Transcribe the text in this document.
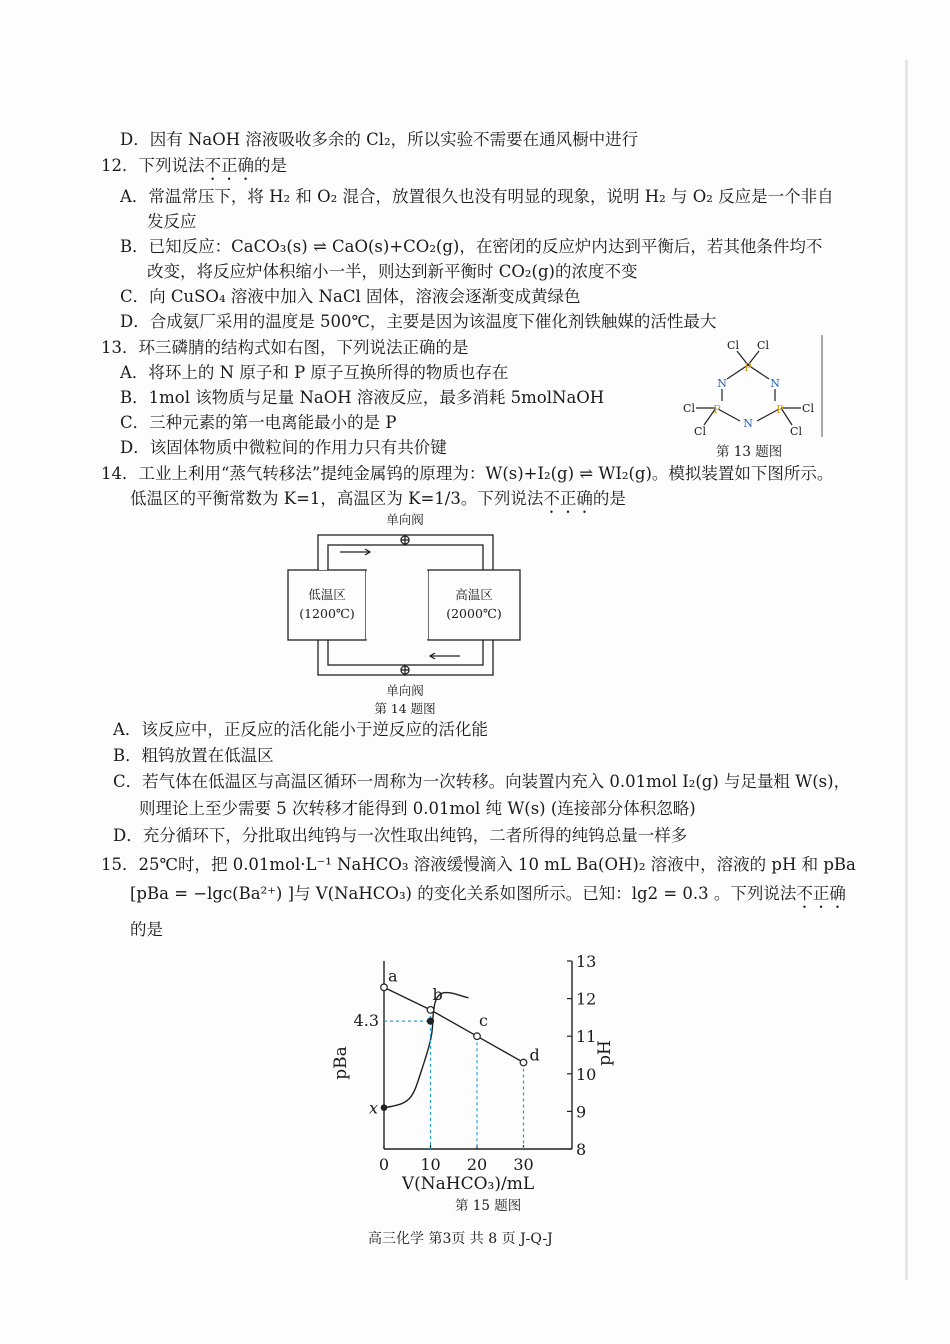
D．因有 NaOH 溶液吸收多余的 Cl₂，所以实验不需要在通风橱中进行
12．下列说法不正确的是
A．常温常压下，将 H₂ 和 O₂ 混合，放置很久也没有明显的现象，说明 H₂ 与 O₂ 反应是一个非自
发反应
B．已知反应：CaCO₃(s) ⇌ CaO(s)+CO₂(g)，在密闭的反应炉内达到平衡后，若其他条件均不
改变，将反应炉体积缩小一半，则达到新平衡时 CO₂(g)的浓度不变
C．向 CuSO₄ 溶液中加入 NaCl 固体，溶液会逐渐变成黄绿色
D．合成氨厂采用的温度是 500℃，主要是因为该温度下催化剂铁触媒的活性最大
13．环三磷腈的结构式如右图，下列说法正确的是
A．将环上的 N 原子和 P 原子互换所得的物质也存在
B．1mol 该物质与足量 NaOH 溶液反应，最多消耗 5molNaOH
C．三种元素的第一电离能最小的是 P
D．该固体物质中微粒间的作用力只有共价键
P
N	N
P	P
N
Cl Cl
Cl	Cl
Cl	Cl
第 13 题图
14．工业上利用“蒸气转移法”提纯金属钨的原理为：W(s)+I₂(g) ⇌ WI₂(g)。模拟装置如下图所示。
低温区的平衡常数为 K=1，高温区为 K=1/3。下列说法不正确的是
单向阀
低温区
(1200℃)
高温区
(2000℃)
单向阀
第 14 题图
A．该反应中，正反应的活化能小于逆反应的活化能
B．粗钨放置在低温区
C．若气体在低温区与高温区循环一周称为一次转移。向装置内充入 0.01mol I₂(g) 与足量粗 W(s)，
则理论上至少需要 5 次转移才能得到 0.01mol 纯 W(s) (连接部分体积忽略)
D．充分循环下，分批取出纯钨与一次性取出纯钨，二者所得的纯钨总量一样多
15．25℃时，把 0.01mol·L⁻¹ NaHCO₃ 溶液缓慢滴入 10 mL Ba(OH)₂ 溶液中，溶液的 pH 和 pBa
[pBa = −lgc(Ba²⁺) ]与 V(NaHCO₃) 的变化关系如图所示。已知：lg2 = 0.3 。下列说法不正确
的是
0 10 20 30
8
9
10
11
12
13
V(NaHCO₃)/mL
pBa	pH
4.3
a
b
c
d
x
第 15 题图
高三化学 第3页 共 8 页 J-Q-J
